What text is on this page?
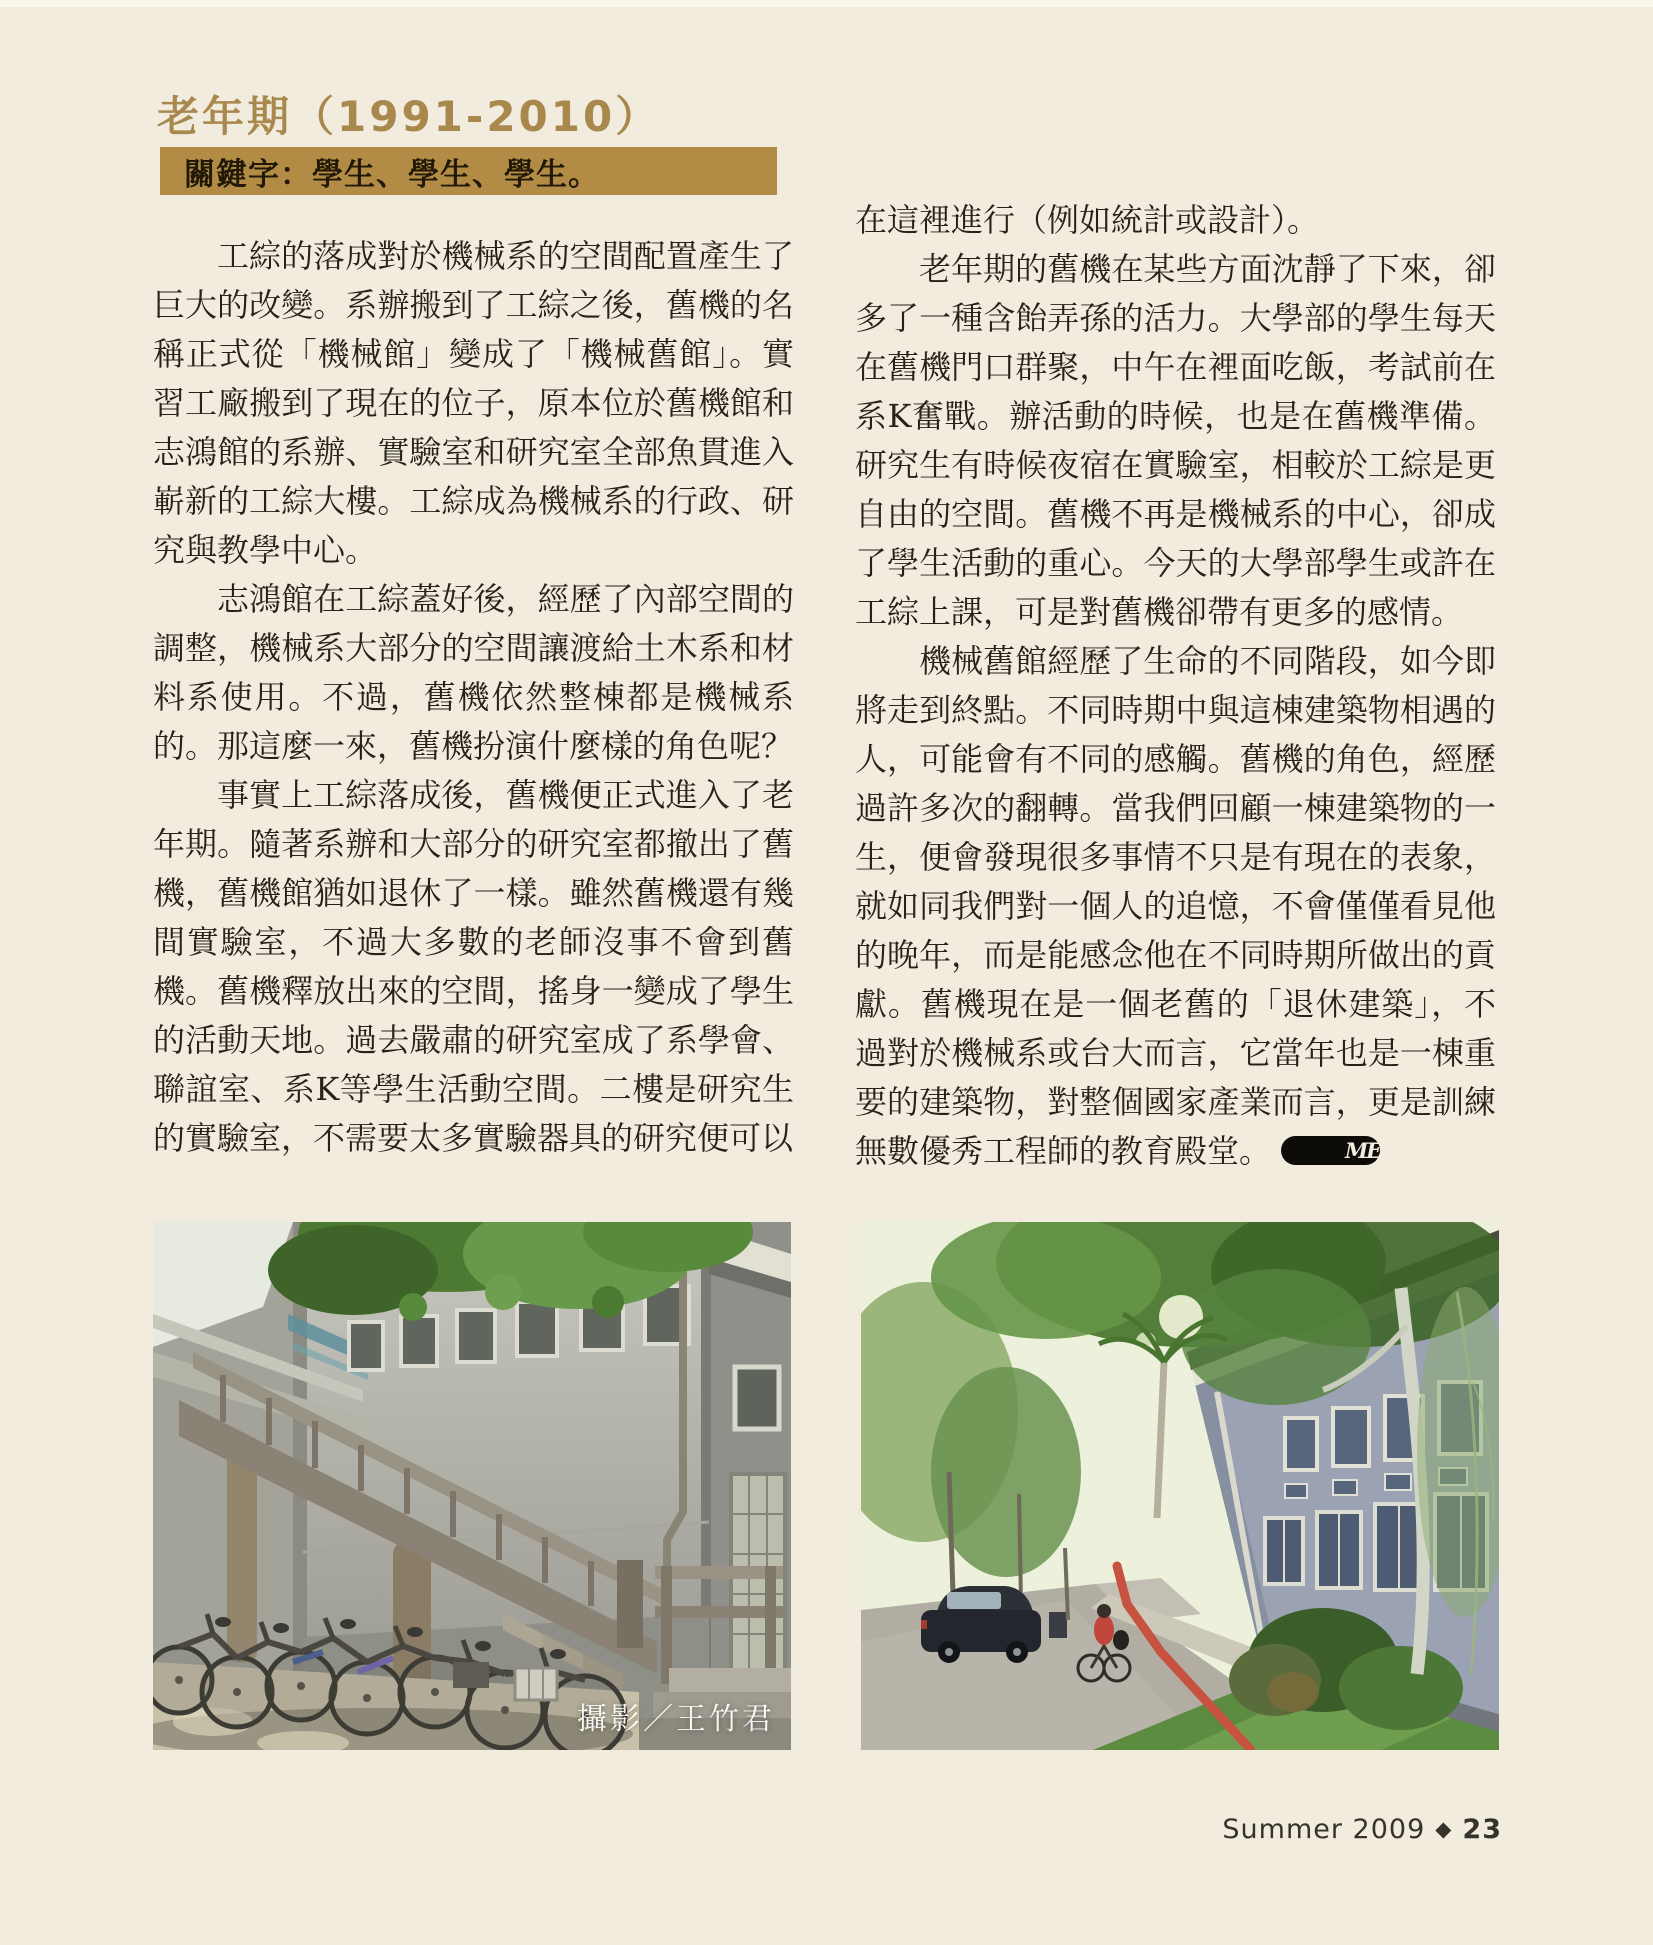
老年期（1991-2010）
關鍵字：學生、學生、學生。

工綜的落成對於機械系的空間配置產生了巨大的改變。系辦搬到了工綜之後，舊機的名稱正式從「機械館」變成了「機械舊館」。實習工廠搬到了現在的位子，原本位於舊機館和志鴻館的系辦、實驗室和研究室全部魚貫進入嶄新的工綜大樓。工綜成為機械系的行政、研究與教學中心。

志鴻館在工綜蓋好後，經歷了內部空間的調整，機械系大部分的空間讓渡給土木系和材料系使用。不過，舊機依然整棟都是機械系的。那這麼一來，舊機扮演什麼樣的角色呢？

事實上工綜落成後，舊機便正式進入了老年期。隨著系辦和大部分的研究室都撤出了舊機，舊機館猶如退休了一樣。雖然舊機還有幾間實驗室，不過大多數的老師沒事不會到舊機。舊機釋放出來的空間，搖身一變成了學生的活動天地。過去嚴肅的研究室成了系學會、聯誼室、系K等學生活動空間。二樓是研究生的實驗室，不需要太多實驗器具的研究便可以

在這裡進行（例如統計或設計）。

老年期的舊機在某些方面沈靜了下來，卻多了一種含飴弄孫的活力。大學部的學生每天在舊機門口群聚，中午在裡面吃飯，考試前在系K奮戰。辦活動的時候，也是在舊機準備。研究生有時候夜宿在實驗室，相較於工綜是更自由的空間。舊機不再是機械系的中心，卻成了學生活動的重心。今天的大學部學生或許在工綜上課，可是對舊機卻帶有更多的感情。

機械舊館經歷了生命的不同階段，如今即將走到終點。不同時期中與這棟建築物相遇的人，可能會有不同的感觸。舊機的角色，經歷過許多次的翻轉。當我們回顧一棟建築物的一生，便會發現很多事情不只是有現在的表象，就如同我們對一個人的追憶，不會僅僅看見他的晚年，而是能感念他在不同時期所做出的貢獻。舊機現在是一個老舊的「退休建築」，不過對於機械系或台大而言，它當年也是一棟重要的建築物，對整個國家產業而言，更是訓練無數優秀工程師的教育殿堂。	ME

攝影／王竹君
Summer 2009 ◆ 23
